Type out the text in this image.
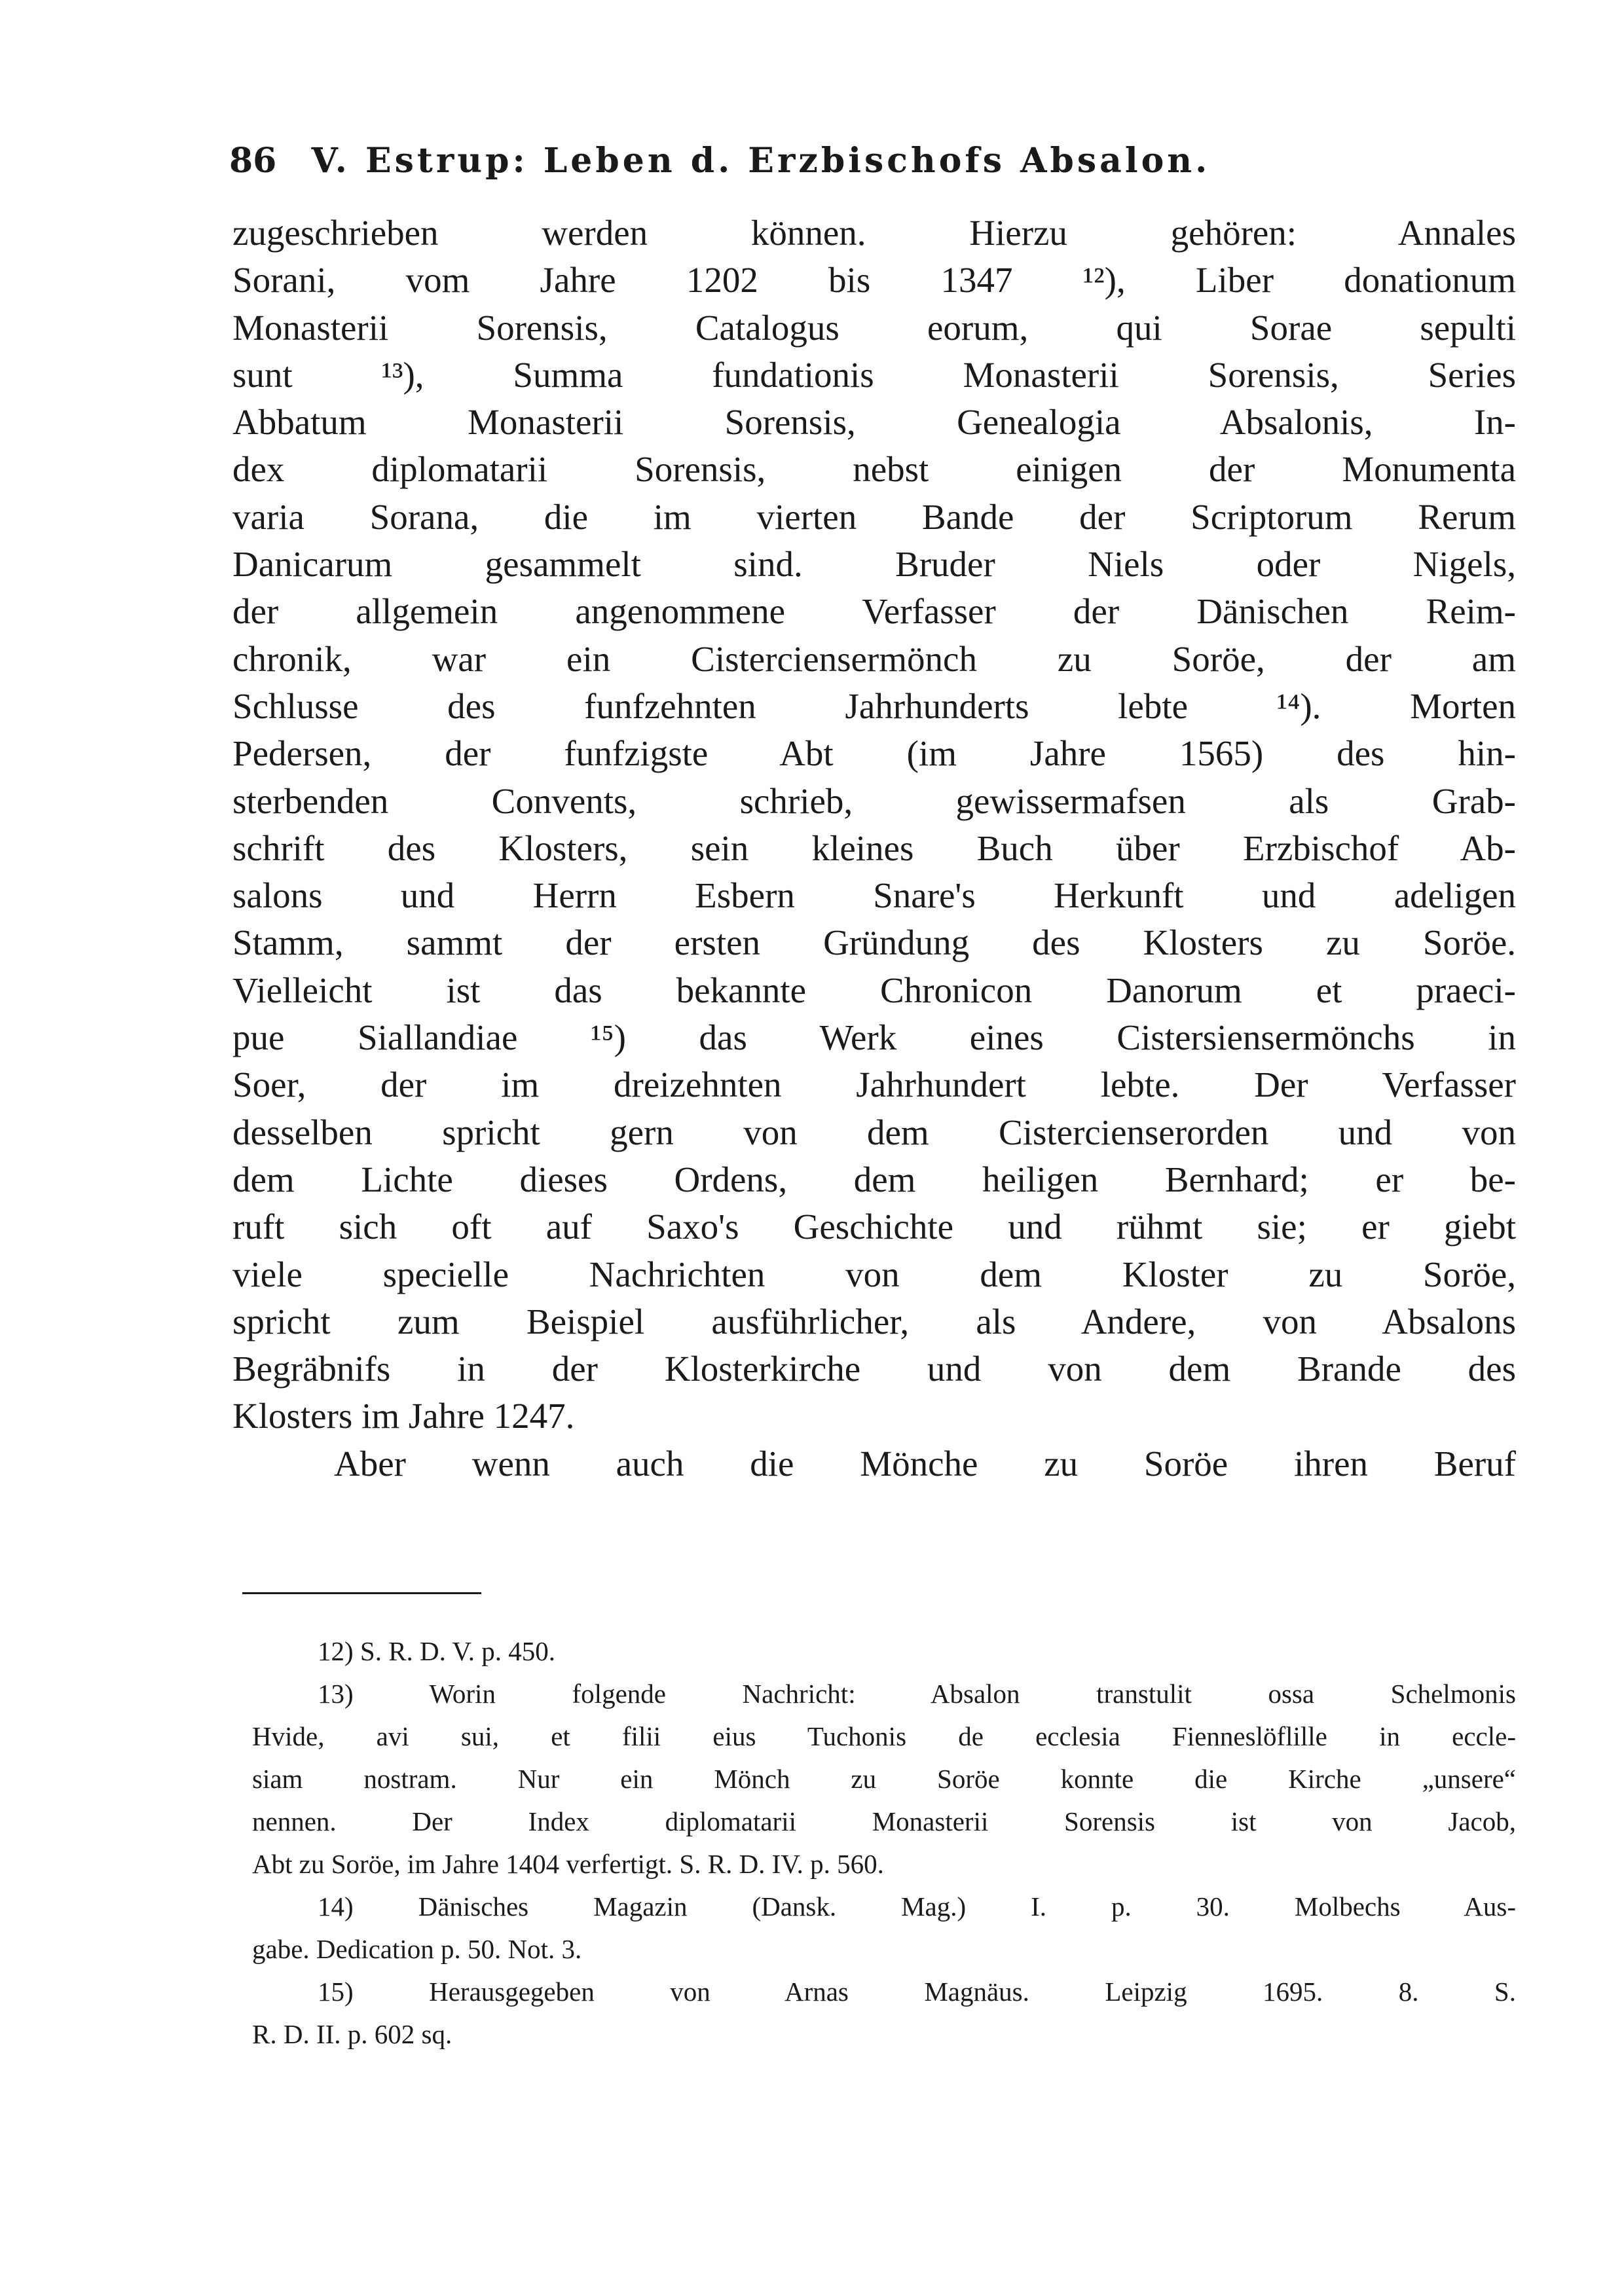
86 V. Estrup: Leben d. Erzbischofs Absalon.
zugeschrieben werden können. Hierzu gehören: Annales
Sorani, vom Jahre 1202 bis 1347 ¹²), Liber donationum
Monasterii Sorensis, Catalogus eorum, qui Sorae sepulti
sunt ¹³), Summa fundationis Monasterii Sorensis, Series
Abbatum Monasterii Sorensis, Genealogia Absalonis, In-
dex diplomatarii Sorensis, nebst einigen der Monumenta
varia Sorana, die im vierten Bande der Scriptorum Rerum
Danicarum gesammelt sind. Bruder Niels oder Nigels,
der allgemein angenommene Verfasser der Dänischen Reim-
chronik, war ein Cisterciensermönch zu Soröe, der am
Schlusse des funfzehnten Jahrhunderts lebte ¹⁴). Morten
Pedersen, der funfzigste Abt (im Jahre 1565) des hin-
sterbenden Convents, schrieb, gewissermafsen als Grab-
schrift des Klosters, sein kleines Buch über Erzbischof Ab-
salons und Herrn Esbern Snare's Herkunft und adeligen
Stamm, sammt der ersten Gründung des Klosters zu Soröe.
Vielleicht ist das bekannte Chronicon Danorum et praeci-
pue Siallandiae ¹⁵) das Werk eines Cistersiensermönchs in
Soer, der im dreizehnten Jahrhundert lebte. Der Verfasser
desselben spricht gern von dem Cistercienserorden und von
dem Lichte dieses Ordens, dem heiligen Bernhard; er be-
ruft sich oft auf Saxo's Geschichte und rühmt sie; er giebt
viele specielle Nachrichten von dem Kloster zu Soröe,
spricht zum Beispiel ausführlicher, als Andere, von Absalons
Begräbnifs in der Klosterkirche und von dem Brande des
Klosters im Jahre 1247.
Aber wenn auch die Mönche zu Soröe ihren Beruf
12) S. R. D. V. p. 450.
13) Worin folgende Nachricht: Absalon transtulit ossa Schelmonis
Hvide, avi sui, et filii eius Tuchonis de ecclesia Fienneslöflille in eccle-
siam nostram. Nur ein Mönch zu Soröe konnte die Kirche „unsere“
nennen. Der Index diplomatarii Monasterii Sorensis ist von Jacob,
Abt zu Soröe, im Jahre 1404 verfertigt. S. R. D. IV. p. 560.
14) Dänisches Magazin (Dansk. Mag.) I. p. 30. Molbechs Aus-
gabe. Dedication p. 50. Not. 3.
15) Herausgegeben von Arnas Magnäus. Leipzig 1695. 8. S.
R. D. II. p. 602 sq.
